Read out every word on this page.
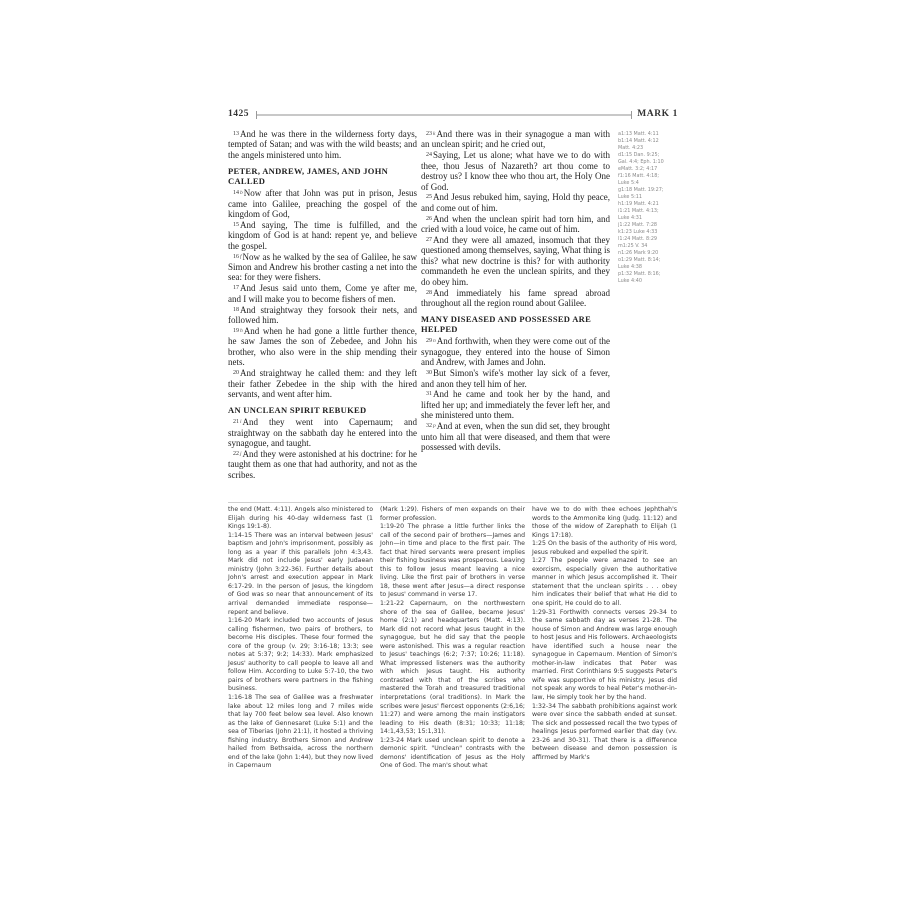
1425	MARK 1

$^{13}$And he was there in the wilderness forty days, tempted of Satan; and was with the wild beasts; and the angels ministered unto him.

PETER, ANDREW, JAMES, AND JOHN CALLED

$^{14b}$Now after that John was put in prison, Jesus came into Galilee, preaching the gospel of the kingdom of God,

$^{15}$And saying, The time is fulfilled, and the kingdom of God is at hand: repent ye, and believe the gospel.

$^{16f}$Now as he walked by the sea of Galilee, he saw Simon and Andrew his brother casting a net into the sea: for they were fishers.

$^{17}$And Jesus said unto them, Come ye after me, and I will make you to become fishers of men.

$^{18}$And straightway they forsook their nets, and followed him.

$^{19h}$And when he had gone a little further thence, he saw James the son of Zebedee, and John his brother, who also were in the ship mending their nets.

$^{20}$And straightway he called them: and they left their father Zebedee in the ship with the hired servants, and went after him.

AN UNCLEAN SPIRIT REBUKED

$^{21i}$And they went into Capernaum; and straightway on the sabbath day he entered into the synagogue, and taught.

$^{22j}$And they were astonished at his doctrine: for he taught them as one that had authority, and not as the scribes.

$^{23k}$And there was in their synagogue a man with an unclean spirit; and he cried out,

$^{24}$Saying, Let us alone; what have we to do with thee, thou Jesus of Nazareth? art thou come to destroy us? I know thee who thou art, the Holy One of God.

$^{25}$And Jesus rebuked him, saying, Hold thy peace, and come out of him.

$^{26}$And when the unclean spirit had torn him, and cried with a loud voice, he came out of him.

$^{27}$And they were all amazed, insomuch that they questioned among themselves, saying, What thing is this? what new doctrine is this? for with authority commandeth he even the unclean spirits, and they do obey him.

$^{28}$And immediately his fame spread abroad throughout all the region round about Galilee.

MANY DISEASED AND POSSESSED ARE HELPED

$^{29n}$And forthwith, when they were come out of the synagogue, they entered into the house of Simon and Andrew, with James and John.

$^{30}$But Simon's wife's mother lay sick of a fever, and anon they tell him of her.

$^{31}$And he came and took her by the hand, and lifted her up; and immediately the fever left her, and she ministered unto them.

$^{32p}$And at even, when the sun did set, they brought unto him all that were diseased, and them that were possessed with devils.

a1:13 Matt. 4:11
b1:14 Matt. 4:12
Matt. 4:23
d1:15 Dan. 9:25;
Gal. 4:4; Eph. 1:10
eMatt. 3:2; 4:17
f1:16 Matt. 4:18;
Luke 5:4
g1:18 Matt. 19:27;
Luke 5:11
h1:19 Matt. 4:21
i1:21 Matt. 4:13;
Luke 4:31
j1:22 Matt. 7:28
k1:23 Luke 4:33
l1:24 Matt. 8:29
m1:25 V. 34
n1:26 Mark 9:20
o1:29 Matt. 8:14;
Luke 4:38
p1:32 Matt. 8:16;
Luke 4:40

the end (Matt. 4:11). Angels also ministered to Elijah during his 40-day wilderness fast (1 Kings 19:1-8).

1:14-15 There was an interval between Jesus' baptism and John's imprisonment, possibly as long as a year if this parallels John 4:3,43. Mark did not include Jesus' early Judaean ministry (John 3:22-36). Further details about John's arrest and execution appear in Mark 6:17-29. In the person of Jesus, the kingdom of God was so near that announcement of its arrival demanded immediate response—repent and believe.

1:16-20 Mark included two accounts of Jesus calling fishermen, two pairs of brothers, to become His disciples. These four formed the core of the group (v. 29; 3:16-18; 13:3; see notes at 5:37; 9:2; 14:33). Mark emphasized Jesus' authority to call people to leave all and follow Him. According to Luke 5:7-10, the two pairs of brothers were partners in the fishing business.

1:16-18 The sea of Galilee was a freshwater lake about 12 miles long and 7 miles wide that lay 700 feet below sea level. Also known as the lake of Gennesaret (Luke 5:1) and the sea of Tiberias (John 21:1), it hosted a thriving fishing industry. Brothers Simon and Andrew hailed from Bethsaida, across the northern end of the lake (John 1:44), but they now lived in Capernaum

(Mark 1:29). Fishers of men expands on their former profession.

1:19-20 The phrase a little further links the call of the second pair of brothers—James and John—in time and place to the first pair. The fact that hired servants were present implies their fishing business was prosperous. Leaving this to follow Jesus meant leaving a nice living. Like the first pair of brothers in verse 18, these went after Jesus—a direct response to Jesus' command in verse 17.

1:21-22 Capernaum, on the northwestern shore of the sea of Galilee, became Jesus' home (2:1) and headquarters (Matt. 4:13). Mark did not record what Jesus taught in the synagogue, but he did say that the people were astonished. This was a regular reaction to Jesus' teachings (6:2; 7:37; 10:26; 11:18). What impressed listeners was the authority with which Jesus taught. His authority contrasted with that of the scribes who mastered the Torah and treasured traditional interpretations (oral traditions). In Mark the scribes were Jesus' fiercest opponents (2:6,16; 11:27) and were among the main instigators leading to His death (8:31; 10:33; 11:18; 14:1,43,53; 15:1,31).

1:23-24 Mark used unclean spirit to denote a demonic spirit. "Unclean" contrasts with the demons' identification of Jesus as the Holy One of God. The man's shout what

have we to do with thee echoes Jephthah's words to the Ammonite king (Judg. 11:12) and those of the widow of Zarephath to Elijah (1 Kings 17:18).

1:25 On the basis of the authority of His word, Jesus rebuked and expelled the spirit.

1:27 The people were amazed to see an exorcism, especially given the authoritative manner in which Jesus accomplished it. Their statement that the unclean spirits . . . obey him indicates their belief that what He did to one spirit, He could do to all.

1:29-31 Forthwith connects verses 29-34 to the same sabbath day as verses 21-28. The house of Simon and Andrew was large enough to host Jesus and His followers. Archaeologists have identified such a house near the synagogue in Capernaum. Mention of Simon's mother-in-law indicates that Peter was married. First Corinthians 9:5 suggests Peter's wife was supportive of his ministry. Jesus did not speak any words to heal Peter's mother-in-law, He simply took her by the hand.

1:32-34 The sabbath prohibitions against work were over since the sabbath ended at sunset. The sick and possessed recall the two types of healings Jesus performed earlier that day (vv. 23-26 and 30-31). That there is a difference between disease and demon possession is affirmed by Mark's
